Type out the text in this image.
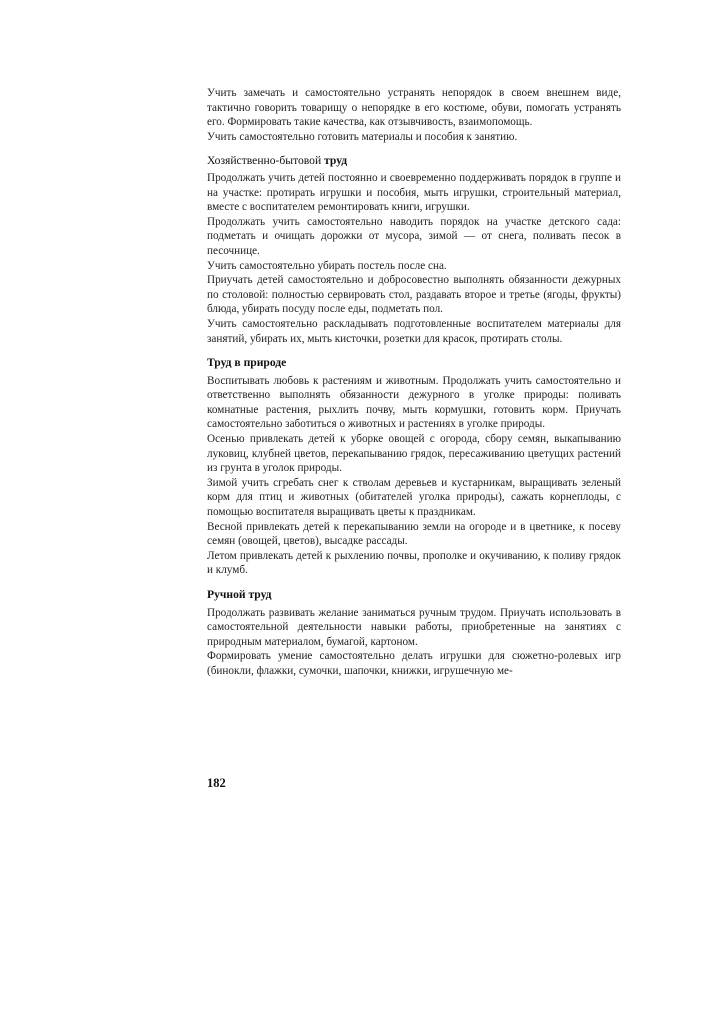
Учить замечать и самостоятельно устранять непорядок в своем внешнем виде, тактично говорить товарищу о непорядке в его костюме, обуви, помогать устранять его. Формировать такие качества, как отзывчивость, взаимопомощь.

Учить самостоятельно готовить материалы и пособия к занятию.

Хозяйственно-бытовой труд

Продолжать учить детей постоянно и своевременно поддерживать порядок в группе и на участке: протирать игрушки и пособия, мыть игрушки, строительный материал, вместе с воспитателем ремонтировать книги, игрушки.

Продолжать учить самостоятельно наводить порядок на участке детского сада: подметать и очищать дорожки от мусора, зимой — от снега, поливать песок в песочнице.

Учить самостоятельно убирать постель после сна.

Приучать детей самостоятельно и добросовестно выполнять обязанности дежурных по столовой: полностью сервировать стол, раздавать второе и третье (ягоды, фрукты) блюда, убирать посуду после еды, подметать пол.

Учить самостоятельно раскладывать подготовленные воспитателем материалы для занятий, убирать их, мыть кисточки, розетки для красок, протирать столы.

Труд в природе

Воспитывать любовь к растениям и животным. Продолжать учить самостоятельно и ответственно выполнять обязанности дежурного в уголке природы: поливать комнатные растения, рыхлить почву, мыть кормушки, готовить корм. Приучать самостоятельно заботиться о животных и растениях в уголке природы.

Осенью привлекать детей к уборке овощей с огорода, сбору семян, выкапыванию луковиц, клубней цветов, перекапыванию грядок, пересаживанию цветущих растений из грунта в уголок природы.

Зимой учить сгребать снег к стволам деревьев и кустарникам, выращивать зеленый корм для птиц и животных (обитателей уголка природы), сажать корнеплоды, с помощью воспитателя выращивать цветы к праздникам.

Весной привлекать детей к перекапыванию земли на огороде и в цветнике, к посеву семян (овощей, цветов), высадке рассады.

Летом привлекать детей к рыхлению почвы, прополке и окучиванию, к поливу грядок и клумб.

Ручной труд

Продолжать развивать желание заниматься ручным трудом. Приучать использовать в самостоятельной деятельности навыки работы, приобретенные на занятиях с природным материалом, бумагой, картоном.

Формировать умение самостоятельно делать игрушки для сюжетно-ролевых игр (бинокли, флажки, сумочки, шапочки, книжки, игрушечную ме-

182
